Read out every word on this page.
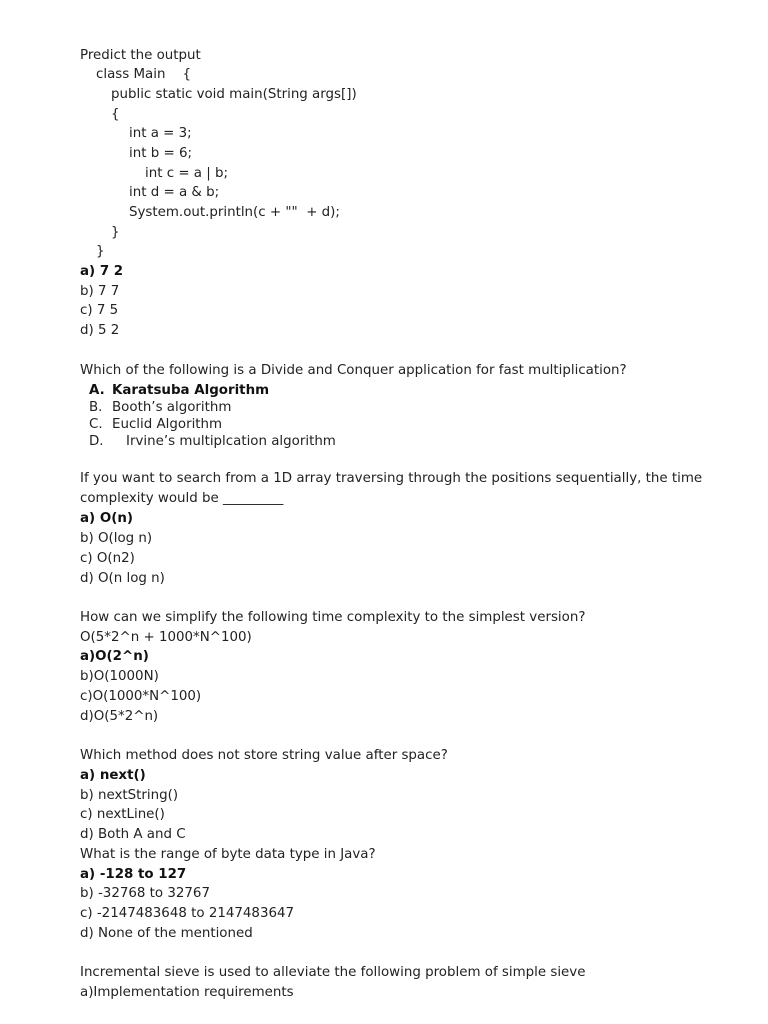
Predict the output
class Main    {
public static void main(String args[])
{
int a = 3;
int b = 6;
int c = a | b;
int d = a & b;
System.out.println(c + ""  + d);
}
}
a) 7 2
b) 7 7
c) 7 5
d) 5 2
Which of the following is a Divide and Conquer application for fast multiplication?
A. Karatsuba Algorithm
B. Booth’s algorithm
C. Euclid Algorithm
D. Irvine’s multiplcation algorithm
If you want to search from a 1D array traversing through the positions sequentially, the time
complexity would be _________
a) O(n)
b) O(log n)
c) O(n2)
d) O(n log n)
How can we simplify the following time complexity to the simplest version?
O(5*2^n + 1000*N^100)
a)O(2^n)
b)O(1000N)
c)O(1000*N^100)
d)O(5*2^n)
Which method does not store string value after space?
a) next()
b) nextString()
c) nextLine()
d) Both A and C
What is the range of byte data type in Java?
a) -128 to 127
b) -32768 to 32767
c) -2147483648 to 2147483647
d) None of the mentioned
Incremental sieve is used to alleviate the following problem of simple sieve
a)Implementation requirements
